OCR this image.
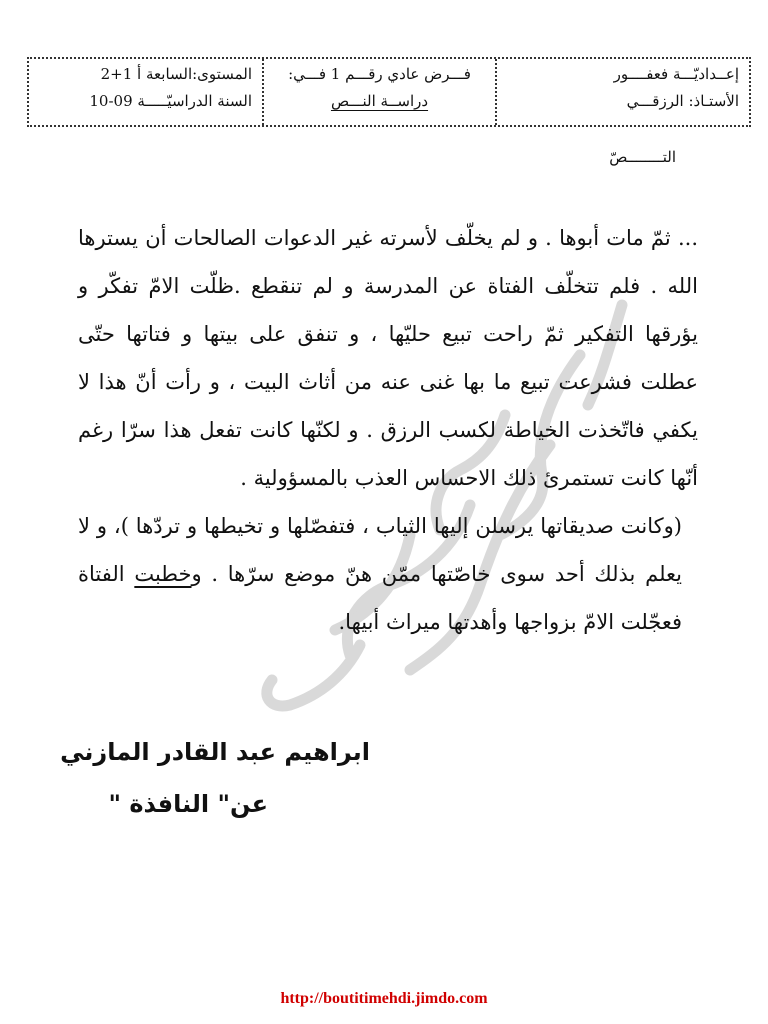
المستوى:السابعة أ 1+2
السنة الدراسيّـــــة 09-10
فـــرض عادي رقـــم 1 فـــي:
دراســة النـــص
إعــداديّـــة فعفــــور
الأستـاذ: الرزقـــي
التــــــــصّ

... ثمّ مات أبوها . و لم يخلّف لأسرته غير الدعوات الصالحات أن يسترها الله . فلم تتخلّف الفتاة عن المدرسة و لم تنقطع .ظلّت الامّ تفكّر و يؤرقها التفكير ثمّ راحت تبيع حليّها ، و تنفق على بيتها و فتاتها حتّى عطلت فشرعت تبيع ما بها غنى عنه من أثاث البيت ، و رأت أنّ هذا لا يكفي فاتّخذت الخياطة لكسب الرزق . و لكنّها كانت تفعل هذا سرّا رغم أنّها كانت تستمرئ ذلك الاحساس العذب بالمسؤولية .

(وكانت صديقاتها يرسلن إليها الثياب ، فتفصّلها و تخيطها و تردّها )، و لا يعلم بذلك أحد سوى خاصّتها ممّن هنّ موضع سرّها . وخطبت الفتاة فعجّلت الامّ بزواجها وأهدتها ميراث أبيها.

ابراهيم عبد القادر المازني
عن" النافذة "
http://boutitimehdi.jimdo.com
